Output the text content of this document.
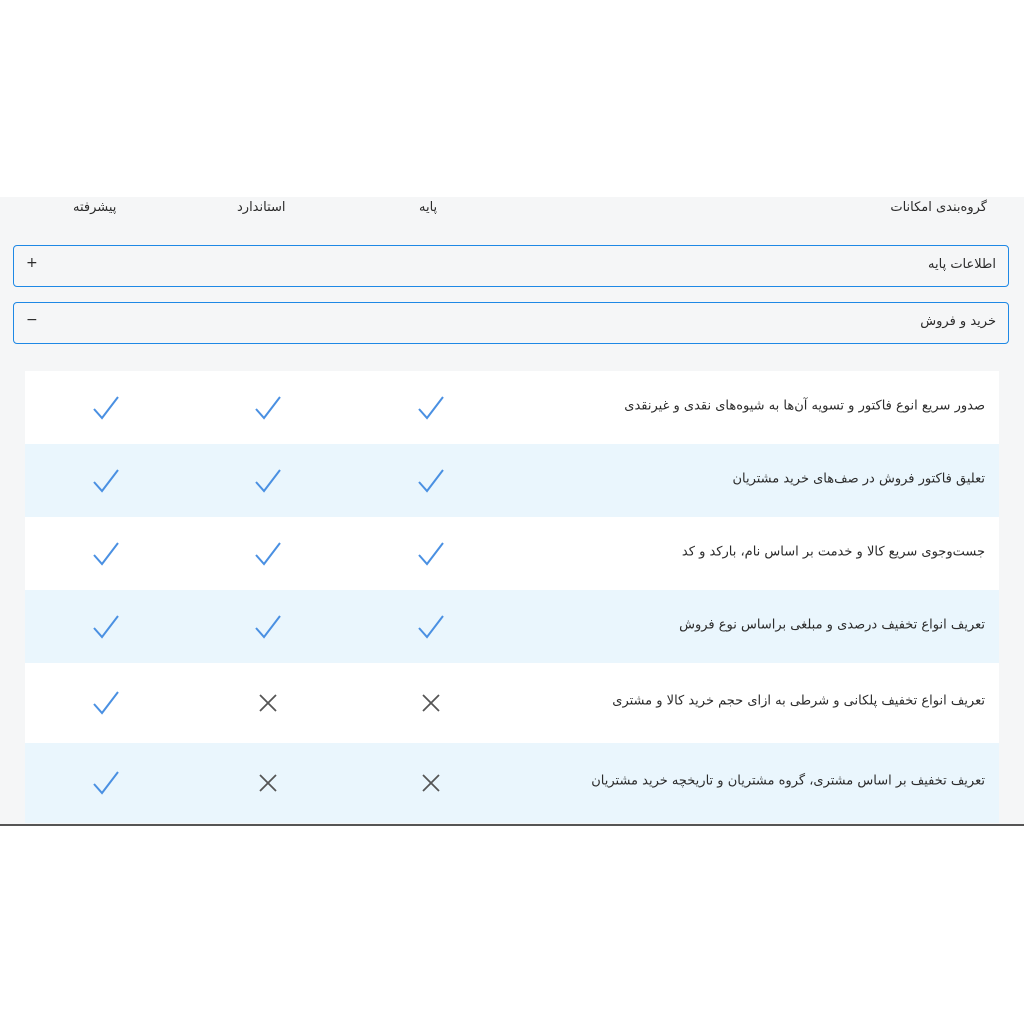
گروه‌بندی امکانات
پایه
استاندارد
پیشرفته
اطلاعات پایه
+
خرید و فروش
−
صدور سریع انوع فاکتور و تسویه آن‌ها به شیوه‌های نقدی و غیرنقدی
تعلیق فاکتور فروش در صف‌های خرید مشتریان
جست‌وجوی سریع کالا و خدمت بر اساس نام، بارکد و کد
تعریف انواع تخفیف درصدی و مبلغی براساس نوع فروش
تعریف انواع تخفیف پلکانی و شرطی به ازای حجم خرید کالا و مشتری
تعریف تخفیف بر اساس مشتری، گروه مشتریان و تاریخچه خرید مشتریان
